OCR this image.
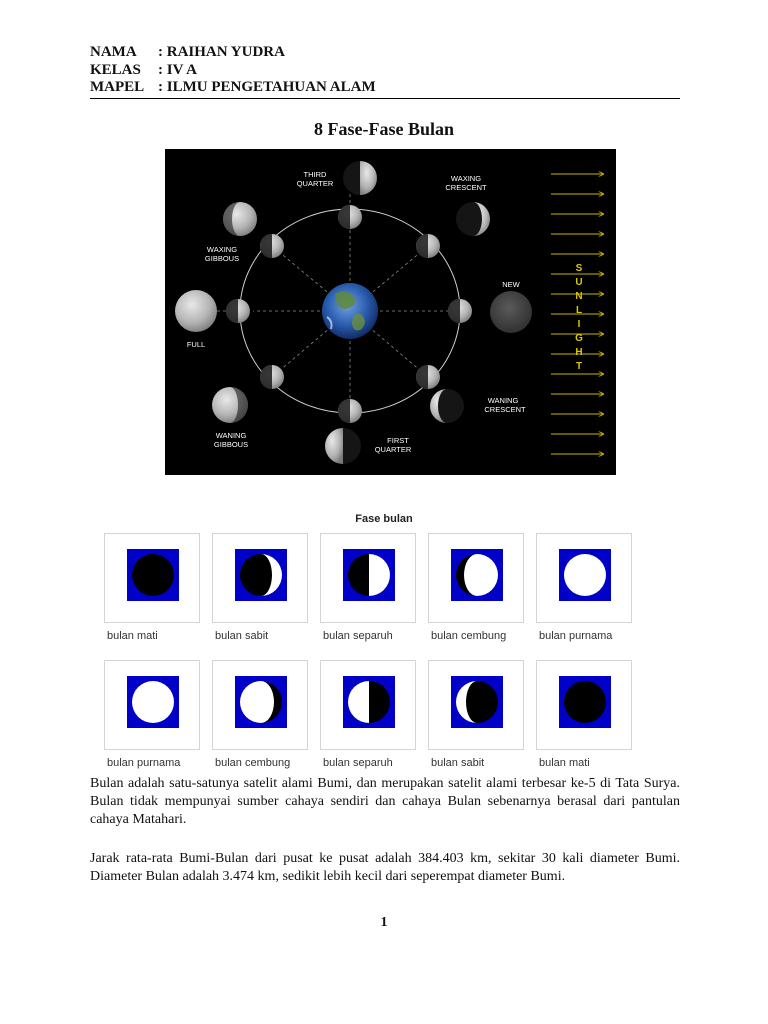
NAMA	: RAIHAN YUDRA
KELAS	: IV A
MAPEL : ILMU PENGETAHUAN ALAM
8 Fase-Fase Bulan
THIRD
QUARTER
WAXING
CRESCENT
WAXING
GIBBOUS
NEW
FULL
WANING
CRESCENT
WANING
GIBBOUS	FIRST
QUARTER
S
U
N
L
I
G
H
T
Fase bulan
bulan mati	bulan sabit	bulan separuh	bulan cembung	bulan purnama
bulan purnama	bulan cembung	bulan separuh	bulan sabit	bulan mati

Bulan adalah satu-satunya satelit alami Bumi, dan merupakan satelit alami terbesar ke-5 di Tata Surya. Bulan tidak mempunyai sumber cahaya sendiri dan cahaya Bulan sebenarnya berasal dari pantulan cahaya Matahari.

Jarak rata-rata Bumi-Bulan dari pusat ke pusat adalah 384.403 km, sekitar 30 kali diameter Bumi. Diameter Bulan adalah 3.474 km, sedikit lebih kecil dari seperempat diameter Bumi.

1
